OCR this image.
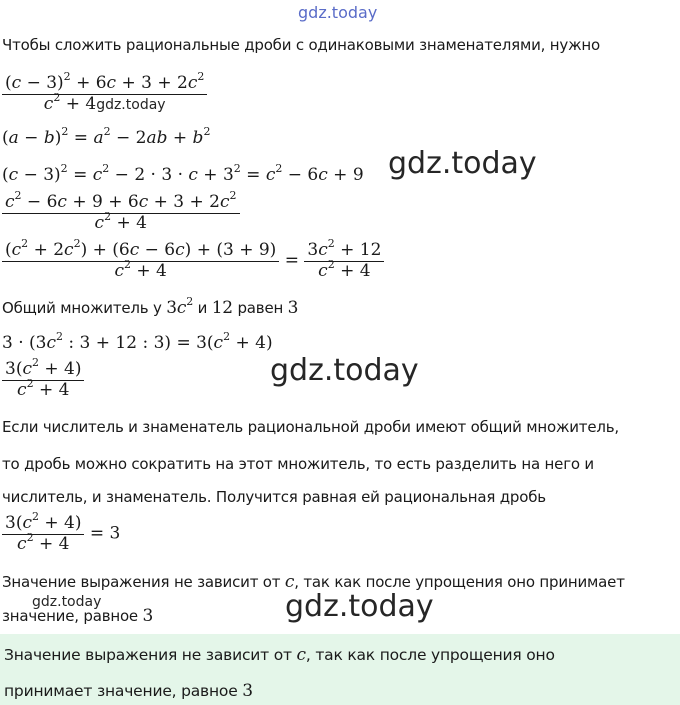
gdz.today
gdz.today
gdz.today
gdz.today
gdz.today
Чтобы сложить рациональные дроби с одинаковыми знаменателями, нужно
$\frac{(c - 3)^2 + 6c + 3 + 2c^2}{c^2 + 4gdz.today}$
$(a - b)^2 = a^2 - 2ab + b^2$
$(c - 3)^2 = c^2 - 2 \cdot 3 \cdot c + 3^2 = c^2 - 6c + 9$
$\frac{c^2 - 6c + 9 + 6c + 3 + 2c^2}{c^2 + 4}$
$\frac{(c^2 + 2c^2) + (6c - 6c) + (3 + 9)}{c^2 + 4} = \frac{3c^2 + 12}{c^2 + 4}$
Общий множитель у $3c^2$ и 12 равен 3
$3 \cdot (3c^2$ : 3 + 12 : $3) = 3(c^2 + 4)$
$\frac{3(c^2 + 4)}{c^2 + 4}$
Если числитель и знаменатель рациональной дроби имеют общий множитель,
то дробь можно сократить на этот множитель, то есть разделить на него и
числитель, и знаменатель. Получится равная ей рациональная дробь
$\frac{3(c^2 + 4)}{c^2 + 4} = 3$
Значение выражения не зависит от c, так как после упрощения оно принимает
значение, равное 3
Значение выражения не зависит от c, так как после упрощения оно
принимает значение, равное 3
